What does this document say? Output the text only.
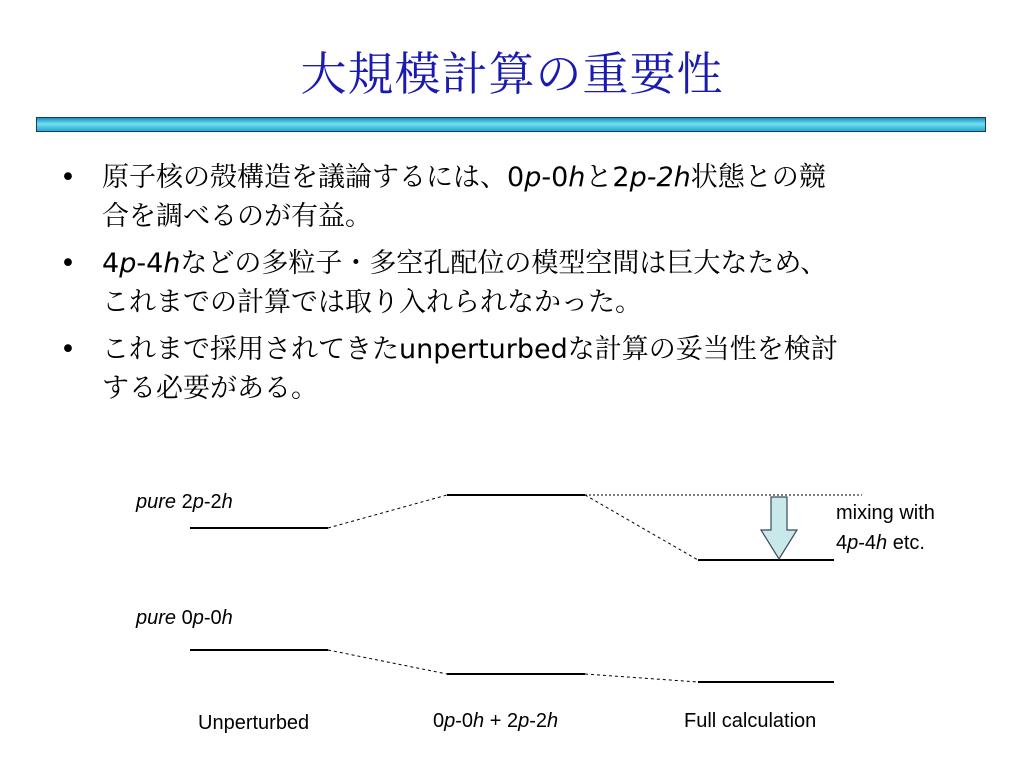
大規模計算の重要性
• 原子核の殻構造を議論するには、0p-0hと2p-2h状態との競
合を調べるのが有益。
• 4p-4hなどの多粒子・多空孔配位の模型空間は巨大なため、
これまでの計算では取り入れられなかった。
• これまで採用されてきたunperturbedな計算の妥当性を検討
する必要がある。
pure 2p-2h
pure 0p-0h
mixing with
4p-4h etc.
Unperturbed	0p-0h + 2p-2h	Full calculation
